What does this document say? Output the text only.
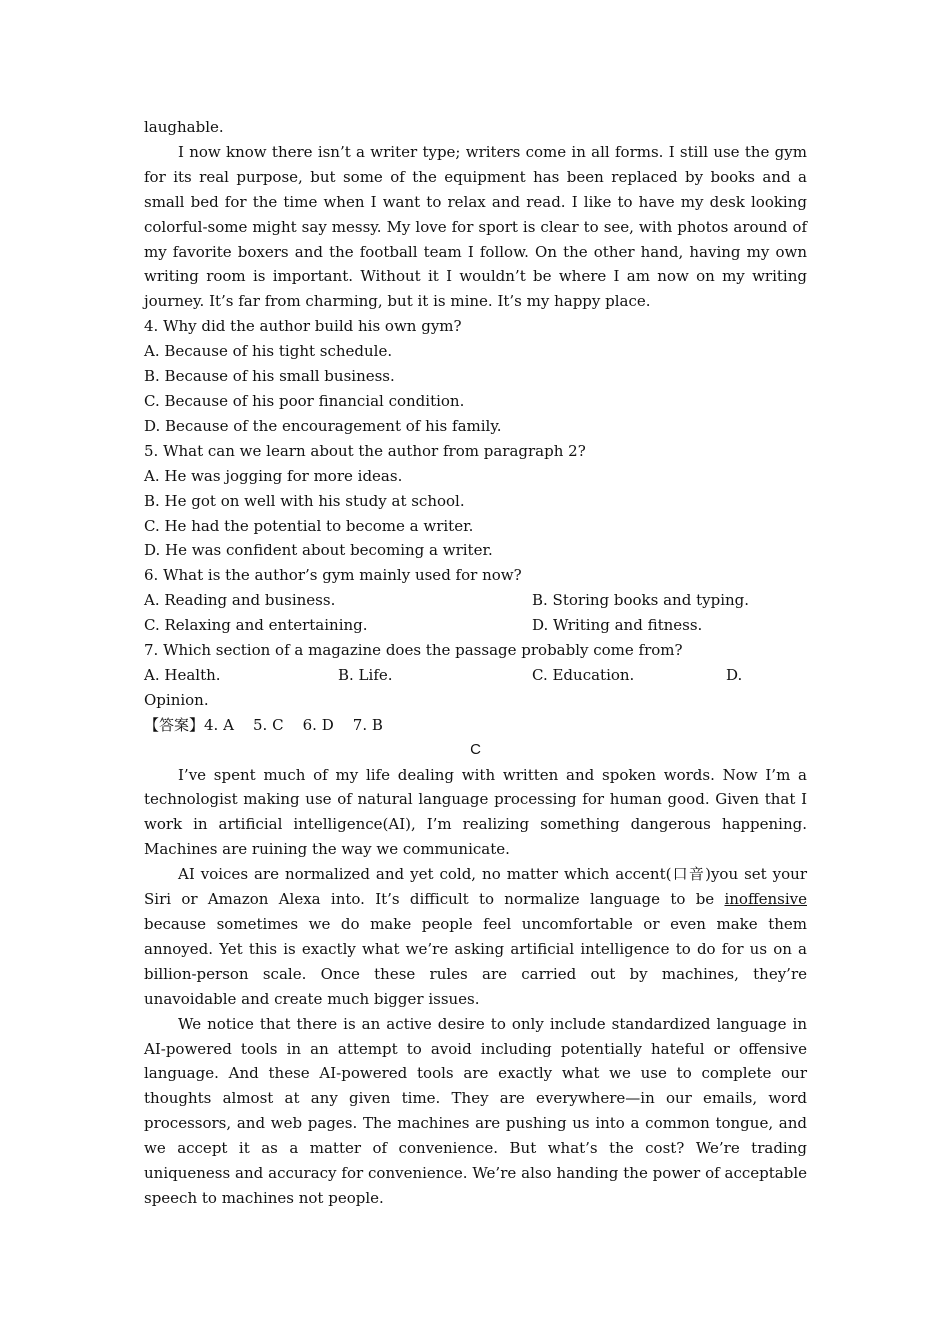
laughable.

I now know there isn’t a writer type; writers come in all forms. I still use the gym for its real purpose, but some of the equipment has been replaced by books and a small bed for the time when I want to relax and read. I like to have my desk looking colorful-some might say messy. My love for sport is clear to see, with photos around of my favorite boxers and the football team I follow. On the other hand, having my own writing room is important. Without it I wouldn’t be where I am now on my writing journey. It’s far from charming, but it is mine. It’s my happy place.

4. Why did the author build his own gym?

A. Because of his tight schedule.

B. Because of his small business.

C. Because of his poor financial condition.

D. Because of the encouragement of his family.

5. What can we learn about the author from paragraph 2?

A. He was jogging for more ideas.

B. He got on well with his study at school.

C. He had the potential to become a writer.

D. He was confident about becoming a writer.

6. What is the author’s gym mainly used for now?

A. Reading and business.	B. Storing books and typing.
C. Relaxing and entertaining.	D. Writing and fitness.

7. Which section of a magazine does the passage probably come from?

A. Health.	B. Life.	C. Education.	D.

Opinion.

【答案】4. A    5. C    6. D    7. B

C

I’ve spent much of my life dealing with written and spoken words. Now I’m a technologist making use of natural language processing for human good. Given that I work in artificial intelligence(AI), I’m realizing something dangerous happening. Machines are ruining the way we communicate.

AI voices are normalized and yet cold, no matter which accent(口音)you set your Siri or Amazon Alexa into. It’s difficult to normalize language to be inoffensive because sometimes we do make people feel uncomfortable or even make them annoyed. Yet this is exactly what we’re asking artificial intelligence to do for us on a billion-person scale. Once these rules are carried out by machines, they’re unavoidable and create much bigger issues.

We notice that there is an active desire to only include standardized language in AI-powered tools in an attempt to avoid including potentially hateful or offensive language. And these AI-powered tools are exactly what we use to complete our thoughts almost at any given time. They are everywhere—in our emails, word processors, and web pages. The machines are pushing us into a common tongue, and we accept it as a matter of convenience. But what’s the cost? We’re trading uniqueness and accuracy for convenience. We’re also handing the power of acceptable speech to machines not people.
